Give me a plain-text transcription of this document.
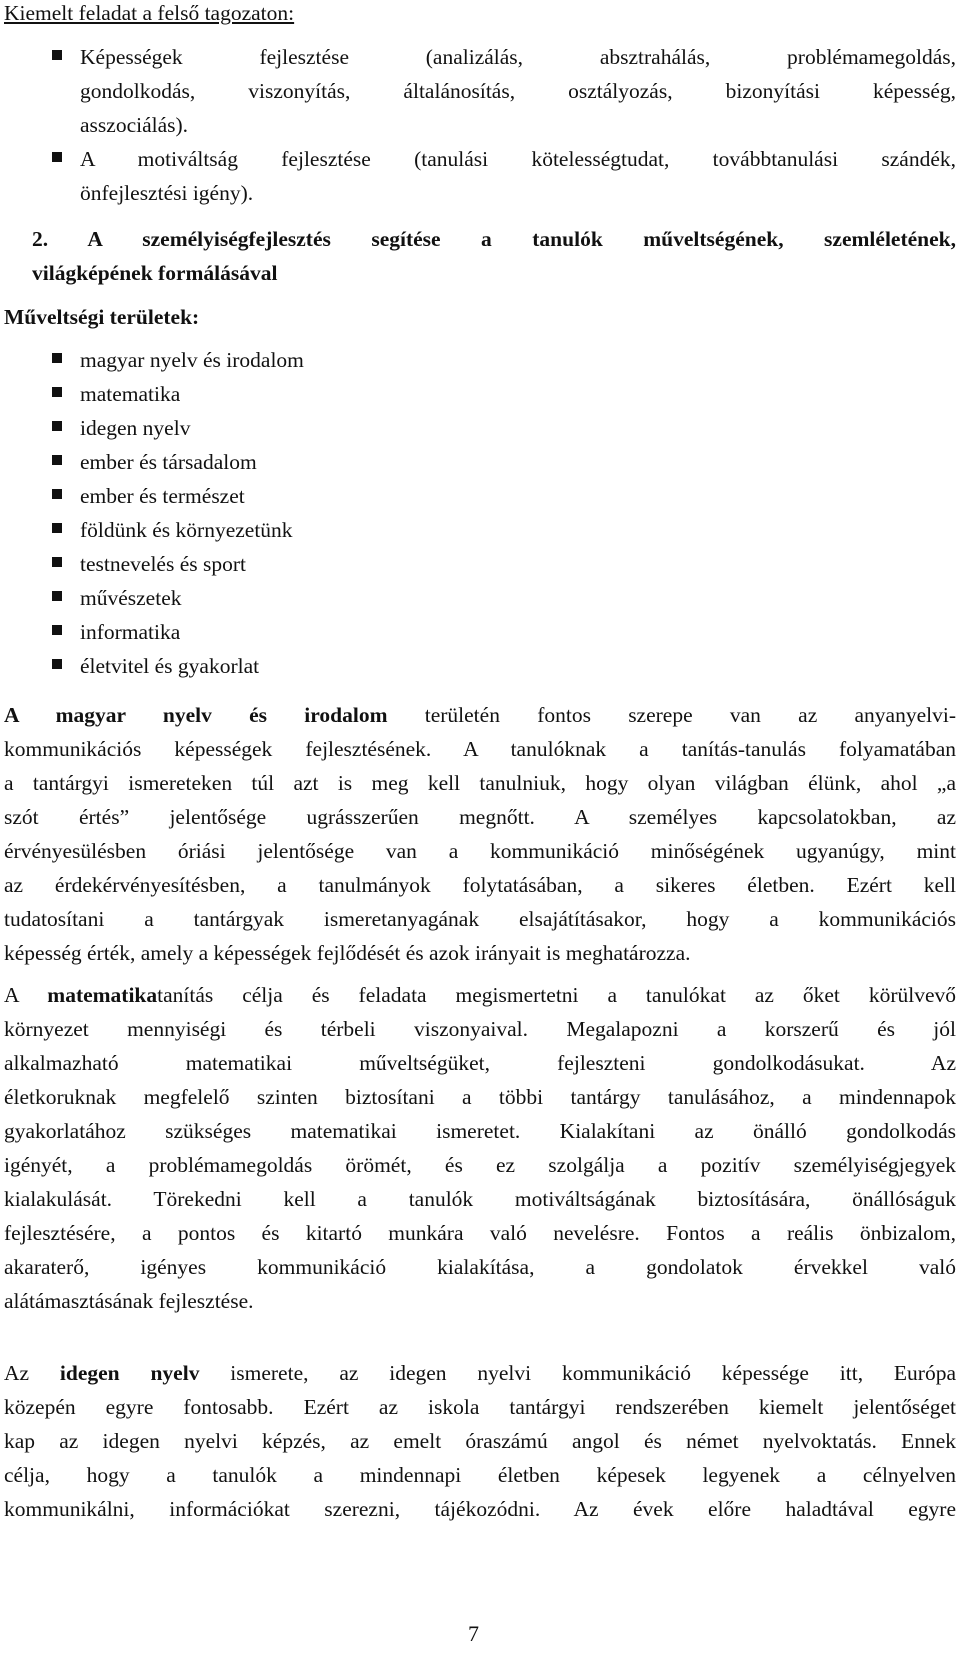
Kiemelt feladat a felső tagozaton:
Képességek fejlesztése (analizálás, absztrahálás, problémamegoldás,
gondolkodás, viszonyítás, általánosítás, osztályozás, bizonyítási képesség,
asszociálás).
A motiváltság fejlesztése (tanulási kötelességtudat, továbbtanulási szándék,
önfejlesztési igény).
2. A személyiségfejlesztés segítése a tanulók műveltségének, szemléletének,
világképének formálásával
Műveltségi területek:
magyar nyelv és irodalom
matematika
idegen nyelv
ember és társadalom
ember és természet
földünk és környezetünk
testnevelés és sport
művészetek
informatika
életvitel és gyakorlat
A magyar nyelv és irodalom területén fontos szerepe van az anyanyelvi-
kommunikációs képességek fejlesztésének. A tanulóknak a tanítás-tanulás folyamatában
a tantárgyi ismereteken túl azt is meg kell tanulniuk, hogy olyan világban élünk, ahol „a
szót értés” jelentősége ugrásszerűen megnőtt. A személyes kapcsolatokban, az
érvényesülésben óriási jelentősége van a kommunikáció minőségének ugyanúgy, mint
az érdekérvényesítésben, a tanulmányok folytatásában, a sikeres életben. Ezért kell
tudatosítani a tantárgyak ismeretanyagának elsajátításakor, hogy a kommunikációs
képesség érték, amely a képességek fejlődését és azok irányait is meghatározza.
A matematikatanítás célja és feladata megismertetni a tanulókat az őket körülvevő
környezet mennyiségi és térbeli viszonyaival. Megalapozni a korszerű és jól
alkalmazható matematikai műveltségüket, fejleszteni gondolkodásukat. Az
életkoruknak megfelelő szinten biztosítani a többi tantárgy tanulásához, a mindennapok
gyakorlatához szükséges matematikai ismeretet. Kialakítani az önálló gondolkodás
igényét, a problémamegoldás örömét, és ez szolgálja a pozitív személyiségjegyek
kialakulását. Törekedni kell a tanulók motiváltságának biztosítására, önállóságuk
fejlesztésére, a pontos és kitartó munkára való nevelésre. Fontos a reális önbizalom,
akaraterő, igényes kommunikáció kialakítása, a gondolatok érvekkel való
alátámasztásának fejlesztése.
Az idegen nyelv ismerete, az idegen nyelvi kommunikáció képessége itt, Európa
közepén egyre fontosabb. Ezért az iskola tantárgyi rendszerében kiemelt jelentőséget
kap az idegen nyelvi képzés, az emelt óraszámú angol és német nyelvoktatás. Ennek
célja, hogy a tanulók a mindennapi életben képesek legyenek a célnyelven
kommunikálni, információkat szerezni, tájékozódni. Az évek előre haladtával egyre
7
